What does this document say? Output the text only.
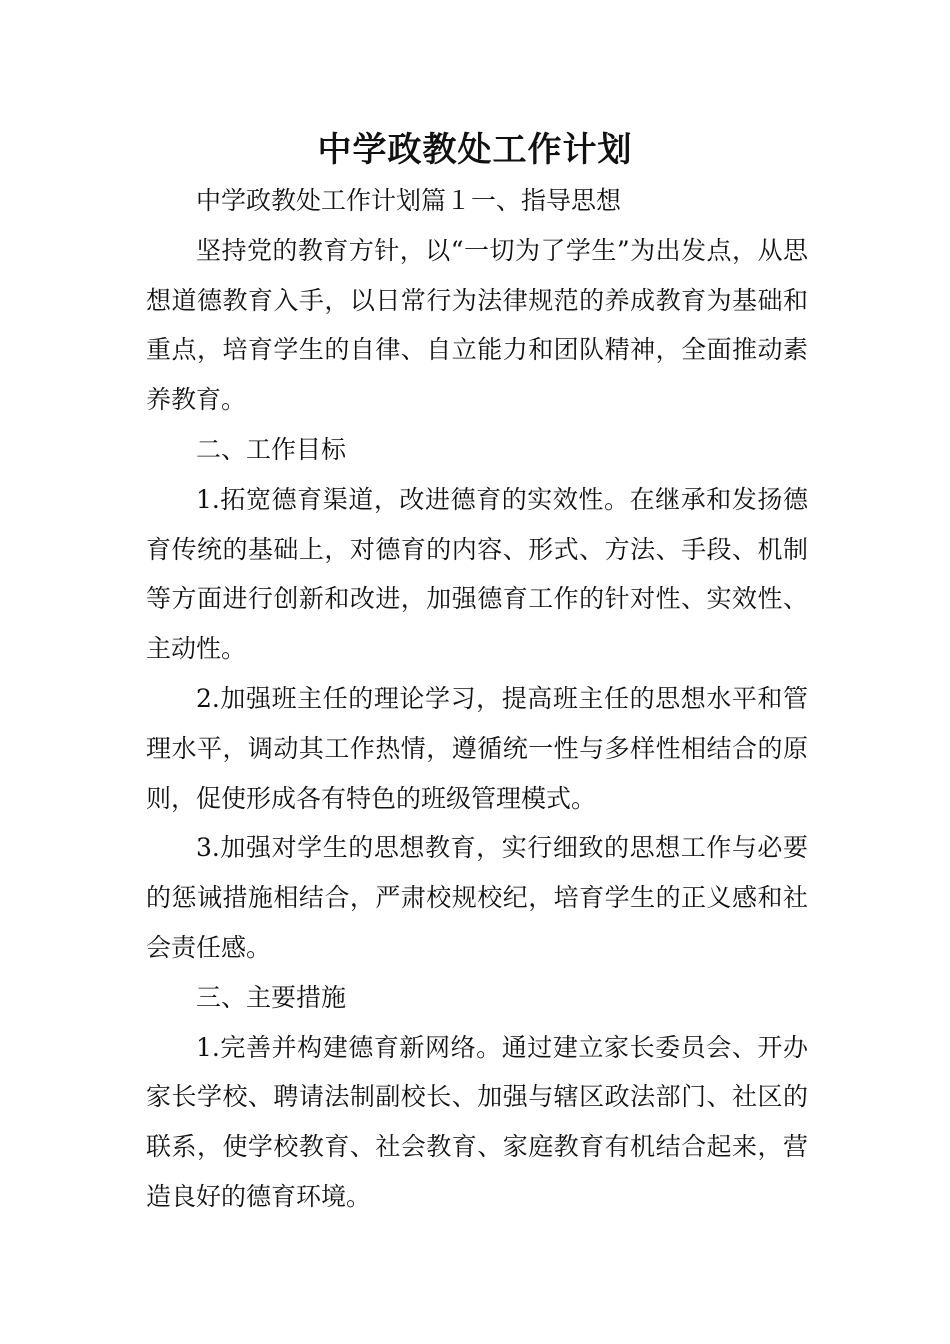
中学政教处工作计划

中学政教处工作计划篇１一、指导思想

坚持党的教育方针，以“一切为了学生”为出发点，从思想道德教育入手，以日常行为法律规范的养成教育为基础和重点，培育学生的自律、自立能力和团队精神，全面推动素养教育。

二、工作目标

1.拓宽德育渠道，改进德育的实效性。在继承和发扬德育传统的基础上，对德育的内容、形式、方法、手段、机制等方面进行创新和改进，加强德育工作的针对性、实效性、主动性。

2.加强班主任的理论学习，提高班主任的思想水平和管理水平，调动其工作热情，遵循统一性与多样性相结合的原则，促使形成各有特色的班级管理模式。

3.加强对学生的思想教育，实行细致的思想工作与必要的惩诫措施相结合，严肃校规校纪，培育学生的正义感和社会责任感。

三、主要措施

1.完善并构建德育新网络。通过建立家长委员会、开办家长学校、聘请法制副校长、加强与辖区政法部门、社区的联系，使学校教育、社会教育、家庭教育有机结合起来，营造良好的德育环境。
